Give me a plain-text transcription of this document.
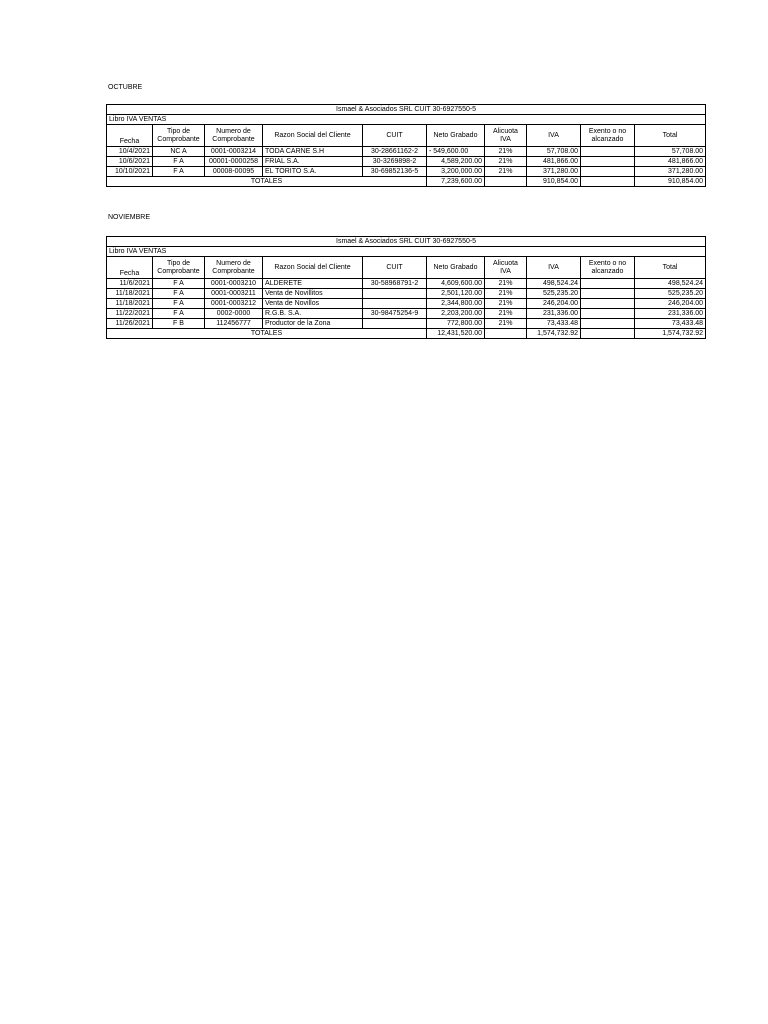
OCTUBRE
Ismael & Asociados SRL CUIT 30-6927550-5									
Libro IVA VENTAS									
Fecha	Tipo de Comprobante	Numero de Comprobante	Razon Social del Cliente	CUIT	Neto Grabado	Alicuota IVA	IVA	Exento o no alcanzado	Total
10/4/2021	NC A	0001-0003214	TODA CARNE S.H	30-28661162-2	- 549,600.00	21%	57,708.00		57,708.00
10/6/2021	F A	00001-0000258	FRIAL S.A.	30-3269898-2	4,589,200.00	21%	481,866.00		481,866.00
10/10/2021	F A	00008-00095	EL TORITO S.A.	30-69852136-5	3,200,000.00	21%	371,280.00		371,280.00
TOTALES					7,239,600.00		910,854.00		910,854.00
NOVIEMBRE
Ismael & Asociados SRL CUIT 30-6927550-5									
Libro IVA VENTAS									
Fecha	Tipo de Comprobante	Numero de Comprobante	Razon Social del Cliente	CUIT	Neto Grabado	Alicuota IVA	IVA	Exento o no alcanzado	Total
11/6/2021	F A	0001-0003210	ALDERETE	30-58968791-2	4,609,600.00	21%	498,524.24		498,524.24
11/18/2021	F A	0001-0003211	Venta de Novillitos		2,501,120.00	21%	525,235.20		525,235.20
11/18/2021	F A	0001-0003212	Venta de Novillos		2,344,800.00	21%	246,204.00		246,204.00
11/22/2021	F A	0002-0000	R.G.B. S.A.	30-98475254-9	2,203,200.00	21%	231,336.00		231,336.00
11/26/2021	F B	112456777	Productor de la Zona		772,800.00	21%	73,433.48		73,433.48
TOTALES					12,431,520.00		1,574,732.92		1,574,732.92
